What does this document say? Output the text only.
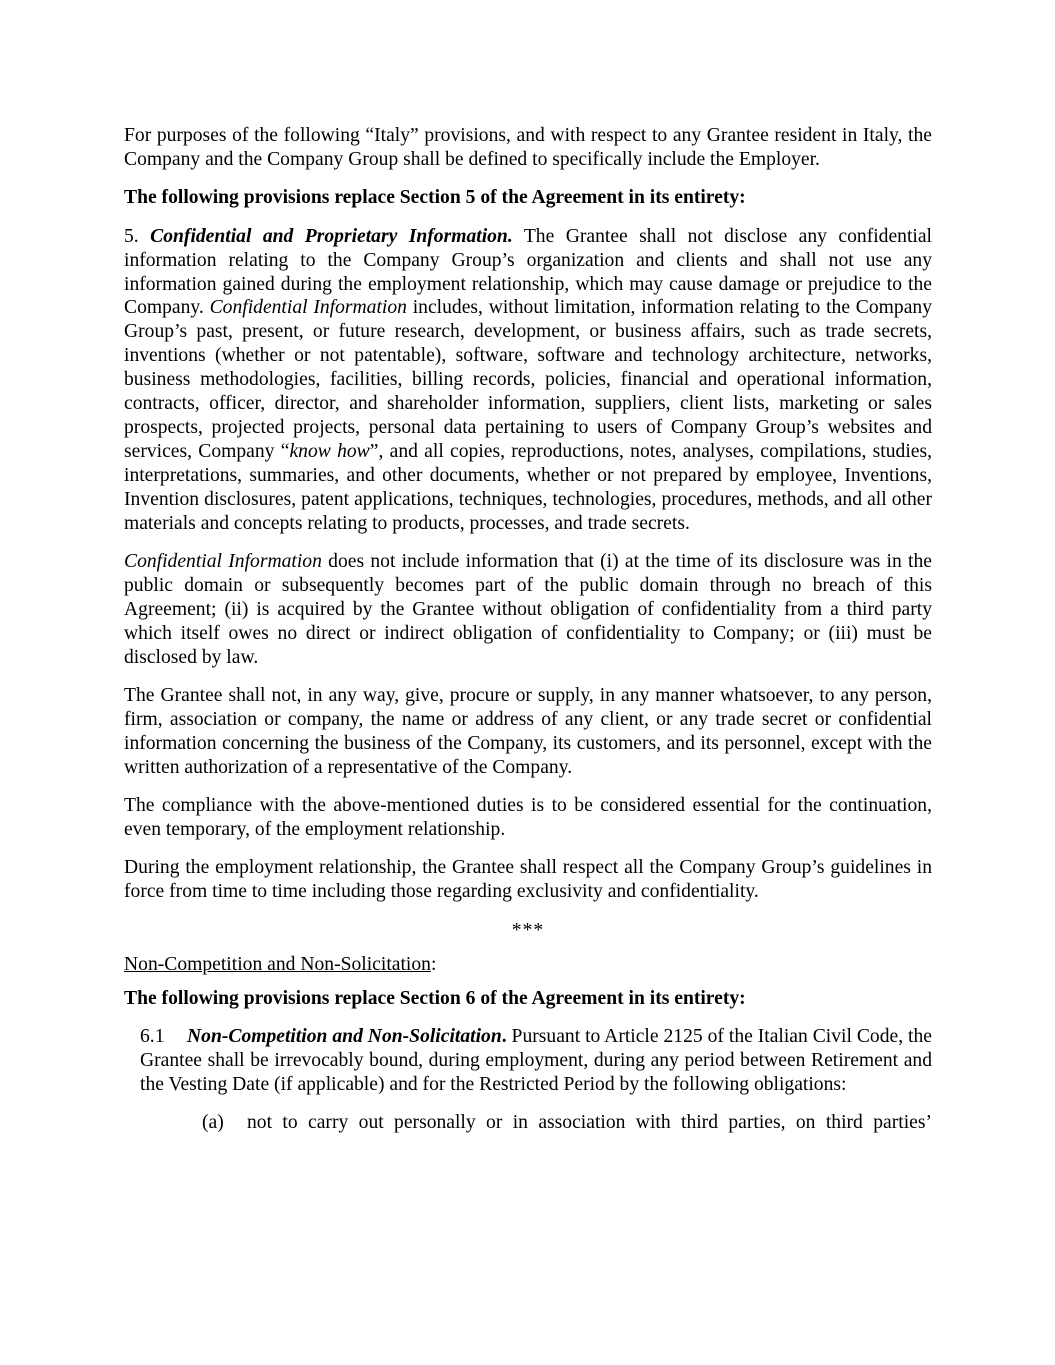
For purposes of the following “Italy” provisions, and with respect to any Grantee resident in Italy, the Company and the Company Group shall be defined to specifically include the Employer.

The following provisions replace Section 5 of the Agreement in its entirety:

5. Confidential and Proprietary Information. The Grantee shall not disclose any confidential information relating to the Company Group’s organization and clients and shall not use any information gained during the employment relationship, which may cause damage or prejudice to the Company. Confidential Information includes, without limitation, information relating to the Company Group’s past, present, or future research, development, or business affairs, such as trade secrets, inventions (whether or not patentable), software, software and technology architecture, networks, business methodologies, facilities, billing records, policies, financial and operational information, contracts, officer, director, and shareholder information, suppliers, client lists, marketing or sales prospects, projected projects, personal data pertaining to users of Company Group’s websites and services, Company “know how”, and all copies, reproductions, notes, analyses, compilations, studies, interpretations, summaries, and other documents, whether or not prepared by employee, Inventions, Invention disclosures, patent applications, techniques, technologies, procedures, methods, and all other materials and concepts relating to products, processes, and trade secrets.

Confidential Information does not include information that (i) at the time of its disclosure was in the public domain or subsequently becomes part of the public domain through no breach of this Agreement; (ii) is acquired by the Grantee without obligation of confidentiality from a third party which itself owes no direct or indirect obligation of confidentiality to Company; or (iii) must be disclosed by law.

The Grantee shall not, in any way, give, procure or supply, in any manner whatsoever, to any person, firm, association or company, the name or address of any client, or any trade secret or confidential information concerning the business of the Company, its customers, and its personnel, except with the written authorization of a representative of the Company.

The compliance with the above-mentioned duties is to be considered essential for the continuation, even temporary, of the employment relationship.

During the employment relationship, the Grantee shall respect all the Company Group’s guidelines in force from time to time including those regarding exclusivity and confidentiality.

***

Non-Competition and Non-Solicitation:

The following provisions replace Section 6 of the Agreement in its entirety:

6.1 Non-Competition and Non-Solicitation. Pursuant to Article 2125 of the Italian Civil Code, the Grantee shall be irrevocably bound, during employment, during any period between Retirement and the Vesting Date (if applicable) and for the Restricted Period by the following obligations:

(a) not to carry out personally or in association with third parties, on third parties’
